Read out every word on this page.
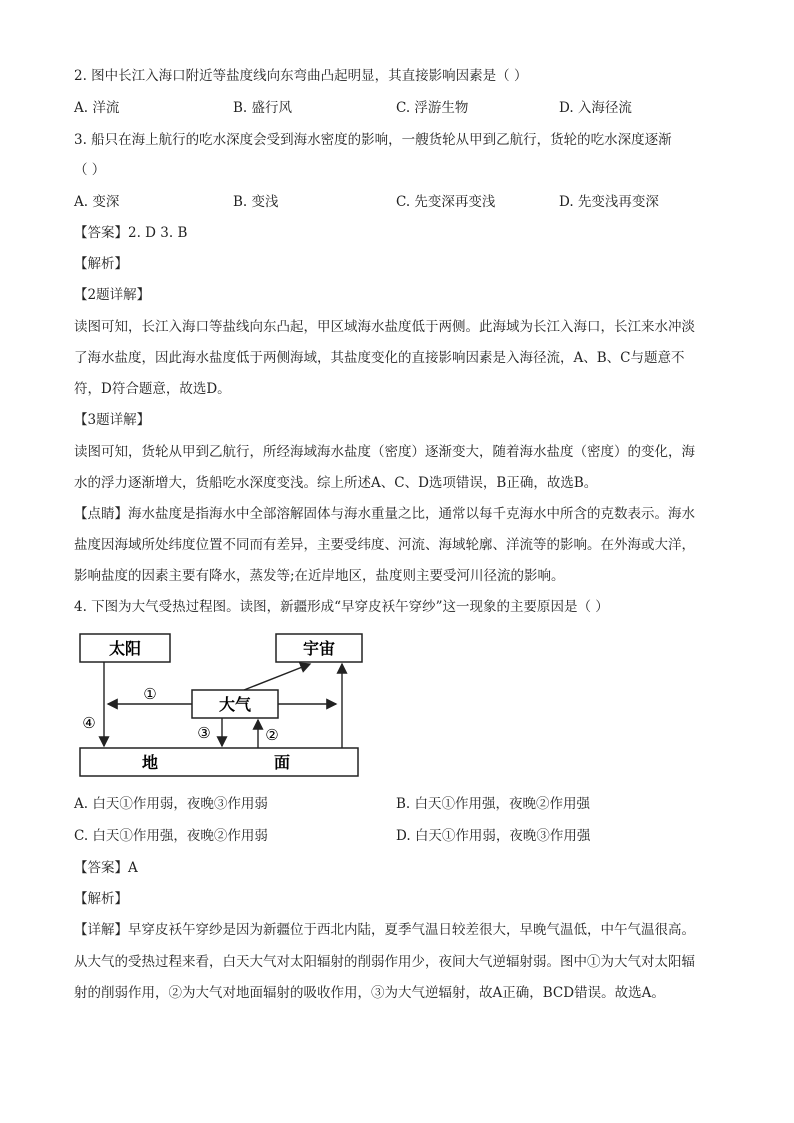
2. 图中长江入海口附近等盐度线向东弯曲凸起明显，其直接影响因素是（ ）
A. 洋流	B. 盛行风	C. 浮游生物	D. 入海径流
3. 船只在海上航行的吃水深度会受到海水密度的影响，一艘货轮从甲到乙航行，货轮的吃水深度逐渐
（ ）
A. 变深	B. 变浅	C. 先变深再变浅	D. 先变浅再变深
【答案】2. D 3. B
【解析】
【2题详解】
读图可知，长江入海口等盐线向东凸起，甲区域海水盐度低于两侧。此海域为长江入海口，长江来水冲淡
了海水盐度，因此海水盐度低于两侧海域，其盐度变化的直接影响因素是入海径流，A、B、C与题意不
符，D符合题意，故选D。
【3题详解】
读图可知，货轮从甲到乙航行，所经海域海水盐度（密度）逐渐变大，随着海水盐度（密度）的变化，海
水的浮力逐渐增大，货船吃水深度变浅。综上所述A、C、D选项错误，B正确，故选B。
【点睛】海水盐度是指海水中全部溶解固体与海水重量之比，通常以每千克海水中所含的克数表示。海水
盐度因海域所处纬度位置不同而有差异，主要受纬度、河流、海域轮廓、洋流等的影响。在外海或大洋，
影响盐度的因素主要有降水，蒸发等;在近岸地区，盐度则主要受河川径流的影响。
4. 下图为大气受热过程图。读图，新疆形成“早穿皮袄午穿纱”这一现象的主要原因是（ ）
太阳	宇宙
大气
地	面
④
①
③	②
A. 白天①作用弱，夜晚③作用弱	B. 白天①作用强，夜晚②作用强
C. 白天①作用强，夜晚②作用弱	D. 白天①作用弱，夜晚③作用强
【答案】A
【解析】
【详解】早穿皮袄午穿纱是因为新疆位于西北内陆，夏季气温日较差很大，早晚气温低，中午气温很高。
从大气的受热过程来看，白天大气对太阳辐射的削弱作用少，夜间大气逆辐射弱。图中①为大气对太阳辐
射的削弱作用，②为大气对地面辐射的吸收作用，③为大气逆辐射，故A正确，BCD错误。故选A。
